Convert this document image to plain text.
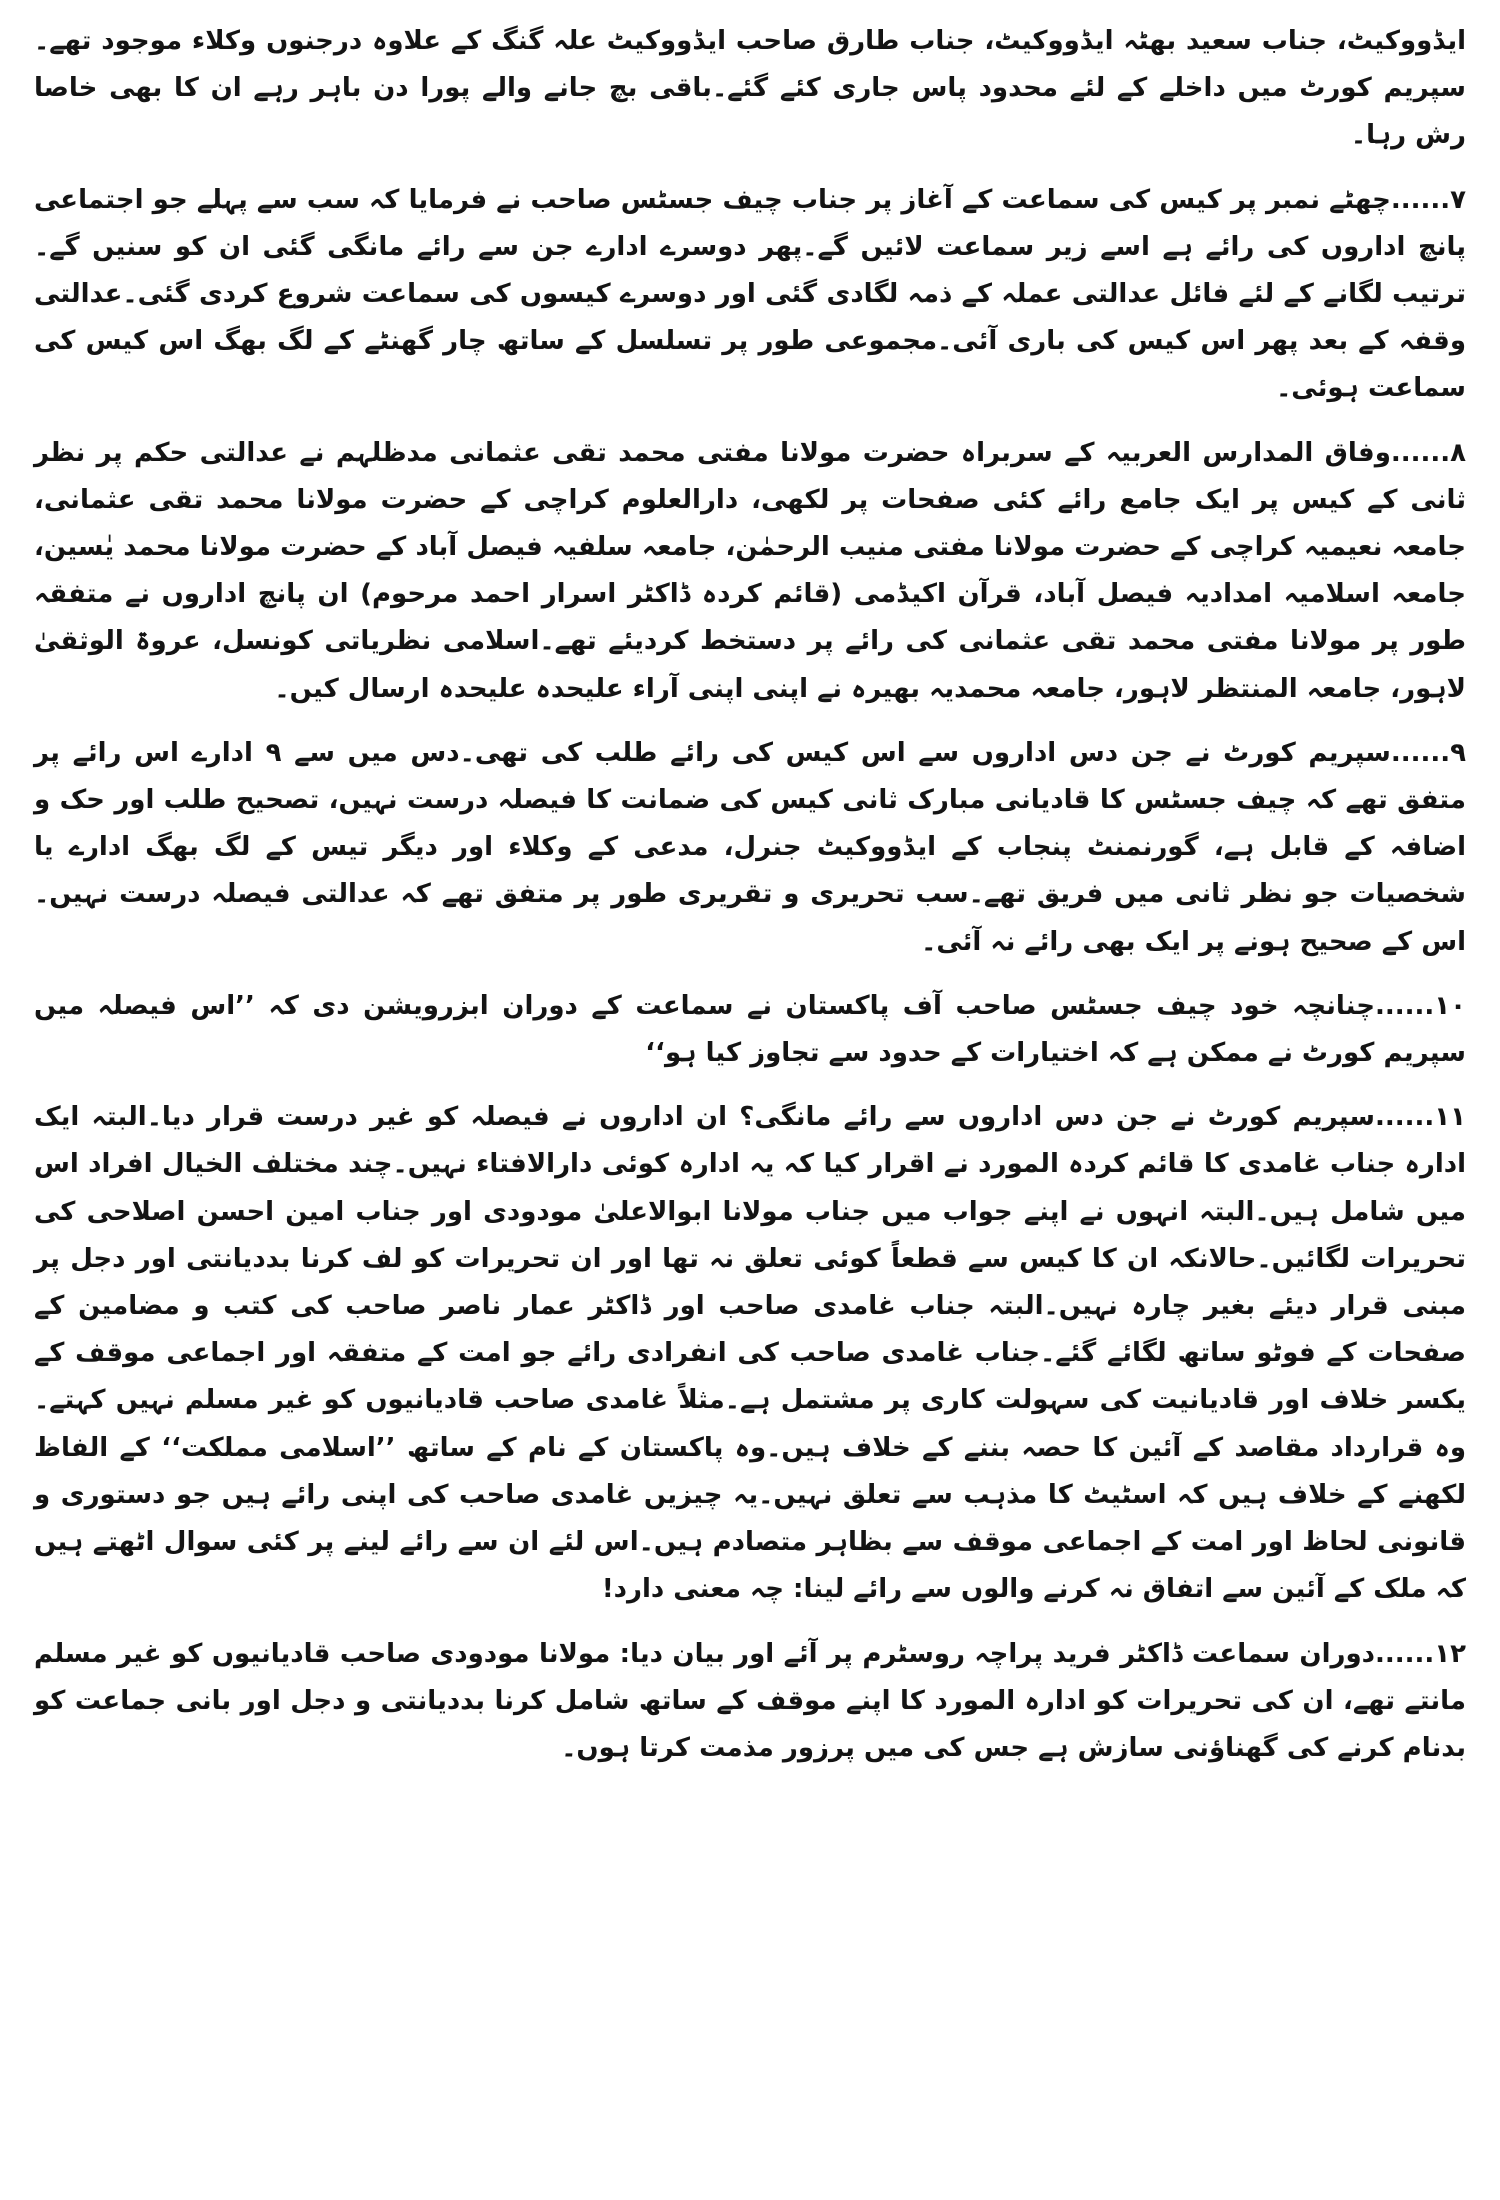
ایڈووکیٹ، جناب سعید بھٹہ ایڈووکیٹ، جناب طارق صاحب ایڈووکیٹ علہ گنگ کے علاوہ درجنوں وکلاء موجود تھے۔سپریم کورٹ میں داخلے کے لئے محدود پاس جاری کئے گئے۔باقی بچ جانے والے پورا دن باہر رہے ان کا بھی خاصا رش رہا۔

۷......چھٹے نمبر پر کیس کی سماعت کے آغاز پر جناب چیف جسٹس صاحب نے فرمایا کہ سب سے پہلے جو اجتماعی پانچ اداروں کی رائے ہے اسے زیر سماعت لائیں گے۔پھر دوسرے ادارے جن سے رائے مانگی گئی ان کو سنیں گے۔ترتیب لگانے کے لئے فائل عدالتی عملہ کے ذمہ لگادی گئی اور دوسرے کیسوں کی سماعت شروع کردی گئی۔عدالتی وقفہ کے بعد پھر اس کیس کی باری آئی۔مجموعی طور پر تسلسل کے ساتھ چار گھنٹے کے لگ بھگ اس کیس کی سماعت ہوئی۔

۸......وفاق المدارس العربیہ کے سربراہ حضرت مولانا مفتی محمد تقی عثمانی مدظلہم نے عدالتی حکم پر نظر ثانی کے کیس پر ایک جامع رائے کئی صفحات پر لکھی، دارالعلوم کراچی کے حضرت مولانا محمد تقی عثمانی، جامعہ نعیمیہ کراچی کے حضرت مولانا مفتی منیب الرحمٰن، جامعہ سلفیہ فیصل آباد کے حضرت مولانا محمد یٰسین، جامعہ اسلامیہ امدادیہ فیصل آباد، قرآن اکیڈمی (قائم کردہ ڈاکٹر اسرار احمد مرحوم) ان پانچ اداروں نے متفقہ طور پر مولانا مفتی محمد تقی عثمانی کی رائے پر دستخط کردیئے تھے۔اسلامی نظریاتی کونسل، عروۃ الوثقیٰ لاہور، جامعہ المنتظر لاہور، جامعہ محمدیہ بھیرہ نے اپنی اپنی آراء علیحدہ علیحدہ ارسال کیں۔

۹......سپریم کورٹ نے جن دس اداروں سے اس کیس کی رائے طلب کی تھی۔دس میں سے ۹ ادارے اس رائے پر متفق تھے کہ چیف جسٹس کا قادیانی مبارک ثانی کیس کی ضمانت کا فیصلہ درست نہیں، تصحیح طلب اور حک و اضافہ کے قابل ہے، گورنمنٹ پنجاب کے ایڈووکیٹ جنرل، مدعی کے وکلاء اور دیگر تیس کے لگ بھگ ادارے یا شخصیات جو نظر ثانی میں فریق تھے۔سب تحریری و تقریری طور پر متفق تھے کہ عدالتی فیصلہ درست نہیں۔اس کے صحیح ہونے پر ایک بھی رائے نہ آئی۔

۱۰......چنانچہ خود چیف جسٹس صاحب آف پاکستان نے سماعت کے دوران ابزرویشن دی کہ ’’اس فیصلہ میں سپریم کورٹ نے ممکن ہے کہ اختیارات کے حدود سے تجاوز کیا ہو‘‘

۱۱......سپریم کورٹ نے جن دس اداروں سے رائے مانگی؟ ان اداروں نے فیصلہ کو غیر درست قرار دیا۔البتہ ایک ادارہ جناب غامدی کا قائم کردہ المورد نے اقرار کیا کہ یہ ادارہ کوئی دارالافتاء نہیں۔چند مختلف الخیال افراد اس میں شامل ہیں۔البتہ انہوں نے اپنے جواب میں جناب مولانا ابوالاعلیٰ مودودی اور جناب امین احسن اصلاحی کی تحریرات لگائیں۔حالانکہ ان کا کیس سے قطعاً کوئی تعلق نہ تھا اور ان تحریرات کو لف کرنا بددیانتی اور دجل پر مبنی قرار دیئے بغیر چارہ نہیں۔البتہ جناب غامدی صاحب اور ڈاکٹر عمار ناصر صاحب کی کتب و مضامین کے صفحات کے فوٹو ساتھ لگائے گئے۔جناب غامدی صاحب کی انفرادی رائے جو امت کے متفقہ اور اجماعی موقف کے یکسر خلاف اور قادیانیت کی سہولت کاری پر مشتمل ہے۔مثلاً غامدی صاحب قادیانیوں کو غیر مسلم نہیں کہتے۔وہ قرارداد مقاصد کے آئین کا حصہ بننے کے خلاف ہیں۔وہ پاکستان کے نام کے ساتھ ’’اسلامی مملکت‘‘ کے الفاظ لکھنے کے خلاف ہیں کہ اسٹیٹ کا مذہب سے تعلق نہیں۔یہ چیزیں غامدی صاحب کی اپنی رائے ہیں جو دستوری و قانونی لحاظ اور امت کے اجماعی موقف سے بظاہر متصادم ہیں۔اس لئے ان سے رائے لینے پر کئی سوال اٹھتے ہیں کہ ملک کے آئین سے اتفاق نہ کرنے والوں سے رائے لینا: چہ معنی دارد!

۱۲......دوران سماعت ڈاکٹر فرید پراچہ روسٹرم پر آئے اور بیان دیا: مولانا مودودی صاحب قادیانیوں کو غیر مسلم مانتے تھے، ان کی تحریرات کو ادارہ المورد کا اپنے موقف کے ساتھ شامل کرنا بددیانتی و دجل اور بانی جماعت کو بدنام کرنے کی گھناؤنی سازش ہے جس کی میں پرزور مذمت کرتا ہوں۔
